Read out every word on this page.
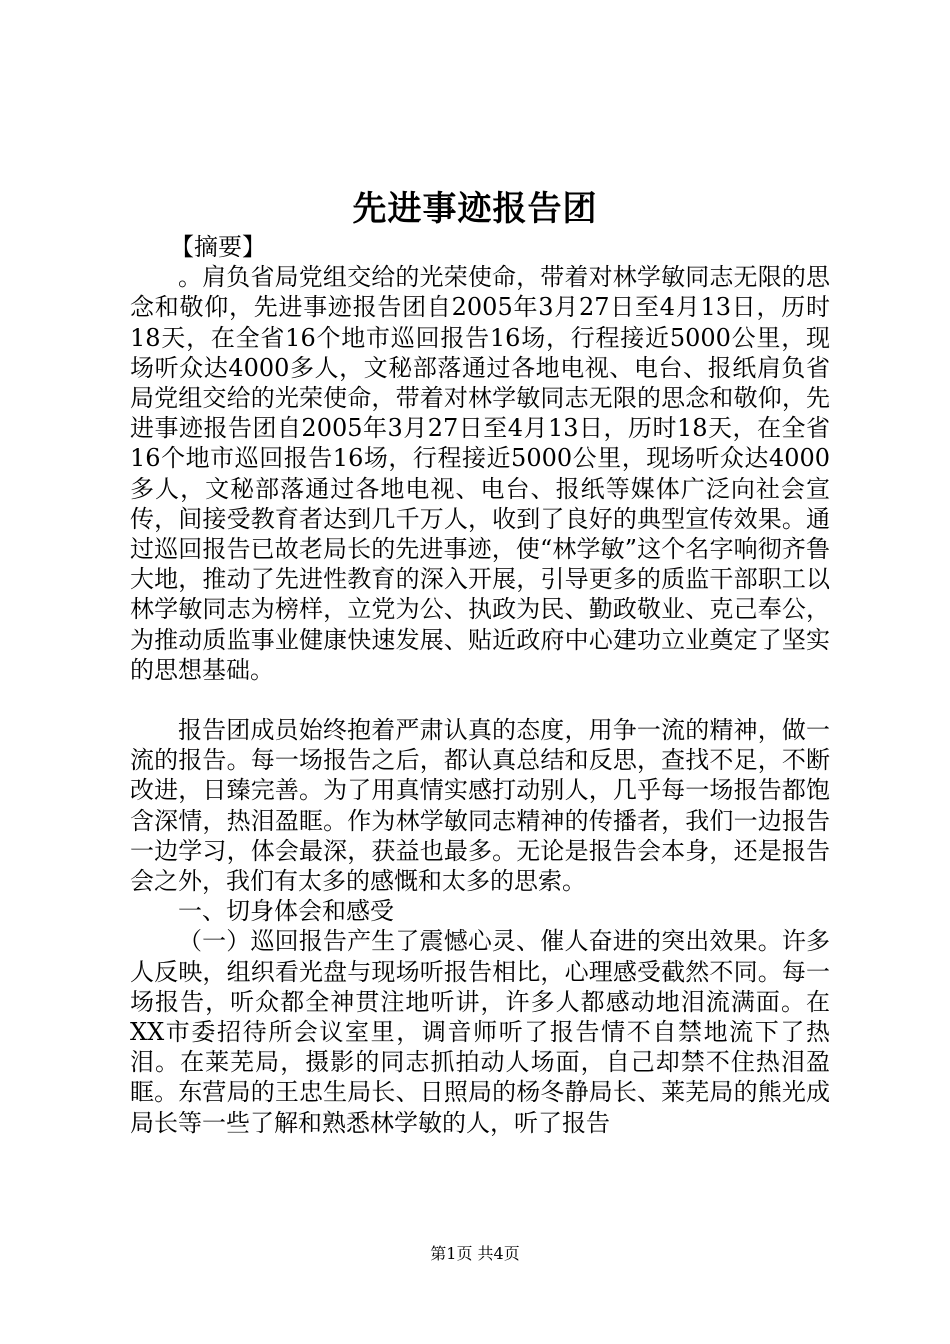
先进事迹报告团

【摘要】

。肩负省局党组交给的光荣使命，带着对林学敏同志无限的思念和敬仰，先进事迹报告团自2005年3月27日至4月13日，历时18天，在全省16个地市巡回报告16场，行程接近5000公里，现场听众达4000多人，文秘部落通过各地电视、电台、报纸肩负省局党组交给的光荣使命，带着对林学敏同志无限的思念和敬仰，先进事迹报告团自2005年3月27日至4月13日，历时18天，在全省16个地市巡回报告16场，行程接近5000公里，现场听众达4000多人，文秘部落通过各地电视、电台、报纸等媒体广泛向社会宣传，间接受教育者达到几千万人，收到了良好的典型宣传效果。通过巡回报告已故老局长的先进事迹，使“林学敏”这个名字响彻齐鲁大地，推动了先进性教育的深入开展，引导更多的质监干部职工以林学敏同志为榜样，立党为公、执政为民、勤政敬业、克己奉公，为推动质监事业健康快速发展、贴近政府中心建功立业奠定了坚实的思想基础。

报告团成员始终抱着严肃认真的态度，用争一流的精神，做一流的报告。每一场报告之后，都认真总结和反思，查找不足，不断改进，日臻完善。为了用真情实感打动别人，几乎每一场报告都饱含深情，热泪盈眶。作为林学敏同志精神的传播者，我们一边报告一边学习，体会最深，获益也最多。无论是报告会本身，还是报告会之外，我们有太多的感慨和太多的思索。

一、切身体会和感受

（一）巡回报告产生了震憾心灵、催人奋进的突出效果。许多人反映，组织看光盘与现场听报告相比，心理感受截然不同。每一场报告，听众都全神贯注地听讲，许多人都感动地泪流满面。在XX市委招待所会议室里，调音师听了报告情不自禁地流下了热泪。在莱芜局，摄影的同志抓拍动人场面，自己却禁不住热泪盈眶。东营局的王忠生局长、日照局的杨冬静局长、莱芜局的熊光成局长等一些了解和熟悉林学敏的人，听了报告

第1页 共4页
